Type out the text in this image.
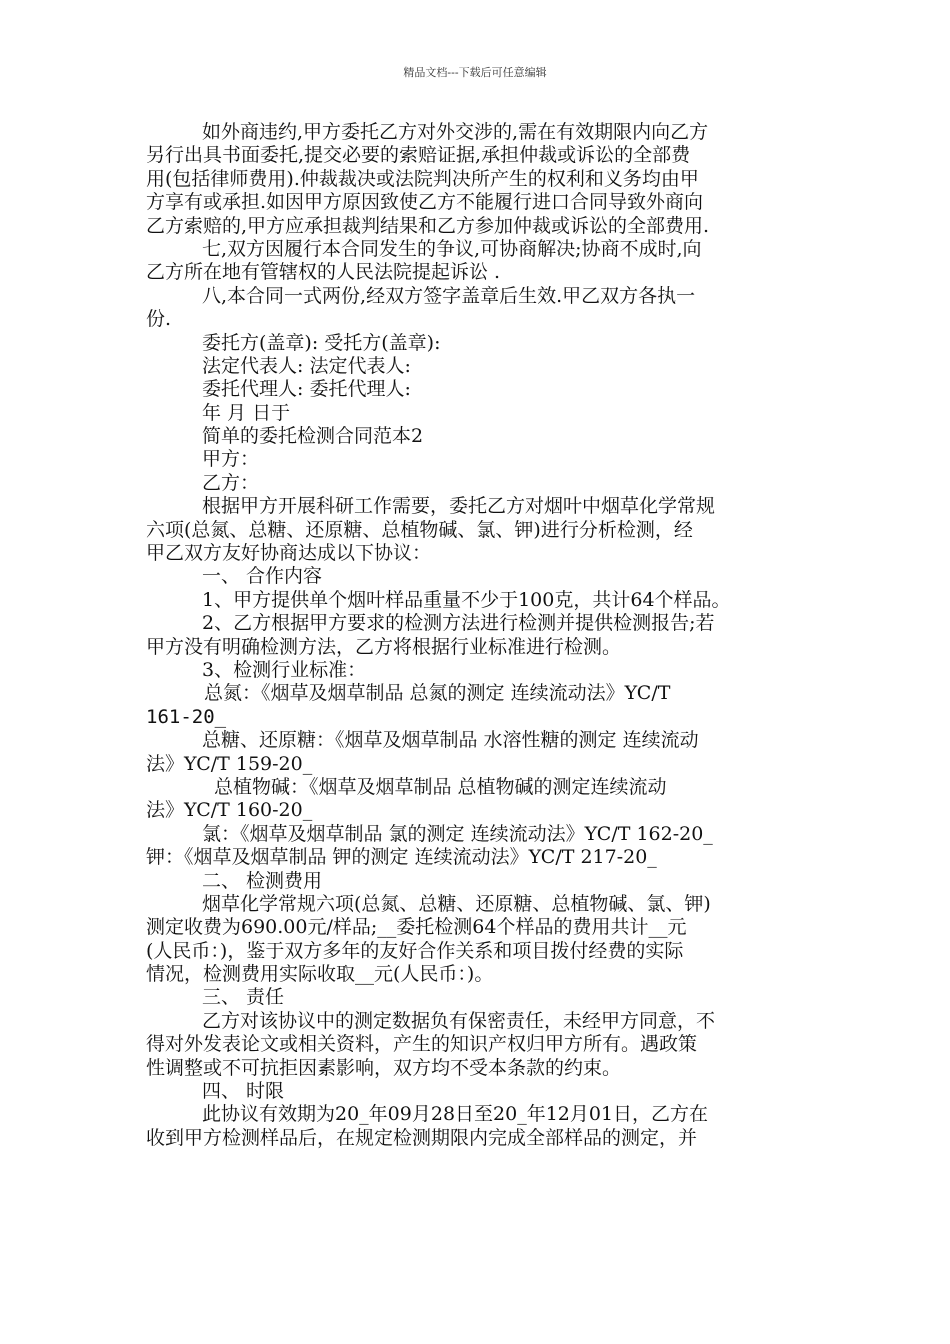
精品文档---下载后可任意编辑
如外商违约,甲方委托乙方对外交涉的,需在有效期限内向乙方
另行出具书面委托,提交必要的索赔证据,承担仲裁或诉讼的全部费
用(包括律师费用).仲裁裁决或法院判决所产生的权利和义务均由甲
方享有或承担.如因甲方原因致使乙方不能履行进口合同导致外商向
乙方索赔的,甲方应承担裁判结果和乙方参加仲裁或诉讼的全部费用.
七,双方因履行本合同发生的争议,可协商解决;协商不成时,向
乙方所在地有管辖权的人民法院提起诉讼 .
八,本合同一式两份,经双方签字盖章后生效.甲乙双方各执一
份.
委托方(盖章): 受托方(盖章):
法定代表人: 法定代表人:
委托代理人: 委托代理人:
年 月 日于
简单的委托检测合同范本2
甲方：
乙方：
根据甲方开展科研工作需要，委托乙方对烟叶中烟草化学常规
六项(总氮、总糖、还原糖、总植物碱、氯、钾)进行分析检测，经
甲乙双方友好协商达成以下协议：
一、 合作内容
1、甲方提供单个烟叶样品重量不少于100克，共计64个样品。
2、乙方根据甲方要求的检测方法进行检测并提供检测报告;若
甲方没有明确检测方法，乙方将根据行业标准进行检测。
3、检测行业标准：
总氮：《烟草及烟草制品 总氮的测定 连续流动法》YC/T
161-20_
总糖、还原糖：《烟草及烟草制品 水溶性糖的测定 连续流动
法》YC/T 159-20_
总植物碱：《烟草及烟草制品 总植物碱的测定连续流动
法》YC/T 160-20_
氯：《烟草及烟草制品 氯的测定 连续流动法》YC/T 162-20_
钾：《烟草及烟草制品 钾的测定 连续流动法》YC/T 217-20_
二、 检测费用
烟草化学常规六项(总氮、总糖、还原糖、总植物碱、氯、钾)
测定收费为690.00元/样品;__委托检测64个样品的费用共计__元
(人民币：)，鉴于双方多年的友好合作关系和项目拨付经费的实际
情况，检测费用实际收取__元(人民币：)。
三、 责任
乙方对该协议中的测定数据负有保密责任，未经甲方同意，不
得对外发表论文或相关资料，产生的知识产权归甲方所有。遇政策
性调整或不可抗拒因素影响，双方均不受本条款的约束。
四、 时限
此协议有效期为20_年09月28日至20_年12月01日，乙方在
收到甲方检测样品后，在规定检测期限内完成全部样品的测定，并
